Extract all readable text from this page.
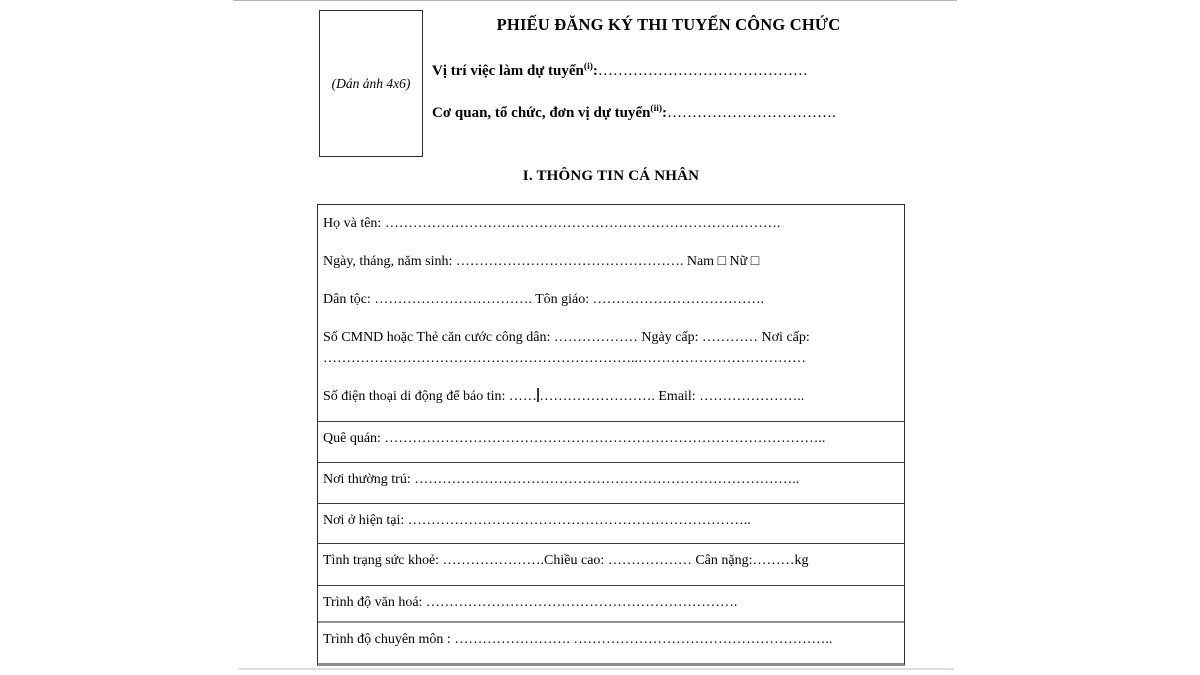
(Dán ảnh 4x6)
PHIẾU ĐĂNG KÝ THI TUYỂN CÔNG CHỨC

Vị trí việc làm dự tuyển$^{(i)}$:……………………………………

Cơ quan, tổ chức, đơn vị dự tuyển$^{(ii)}$:…………………………….

I. THÔNG TIN CÁ NHÂN

Họ và tên: ………………………………………………………………………….

Ngày, tháng, năm sinh: …………………………………………. Nam □ Nữ □

Dân tộc: ……………………………. Tôn giáo: ……………………………….

Số CMND hoặc Thẻ căn cước công dân: ……………… Ngày cấp: ………… Nơi cấp:
…………………………………………………………..………………………………

Số điện thoại di động để báo tin: …… ……………………. Email: …………………..

Quê quán: …………………………………………………………………………………..
Nơi thường trú: ………………………………………………………………………..
Nơi ở hiện tại: ………………………………………………………………..
Tình trạng sức khoẻ: ………………….Chiều cao: ……………… Cân nặng:………kg
Trình độ văn hoá: ………………………………………………………….
Trình độ chuyên môn : ……………………. ………………………………………………..
